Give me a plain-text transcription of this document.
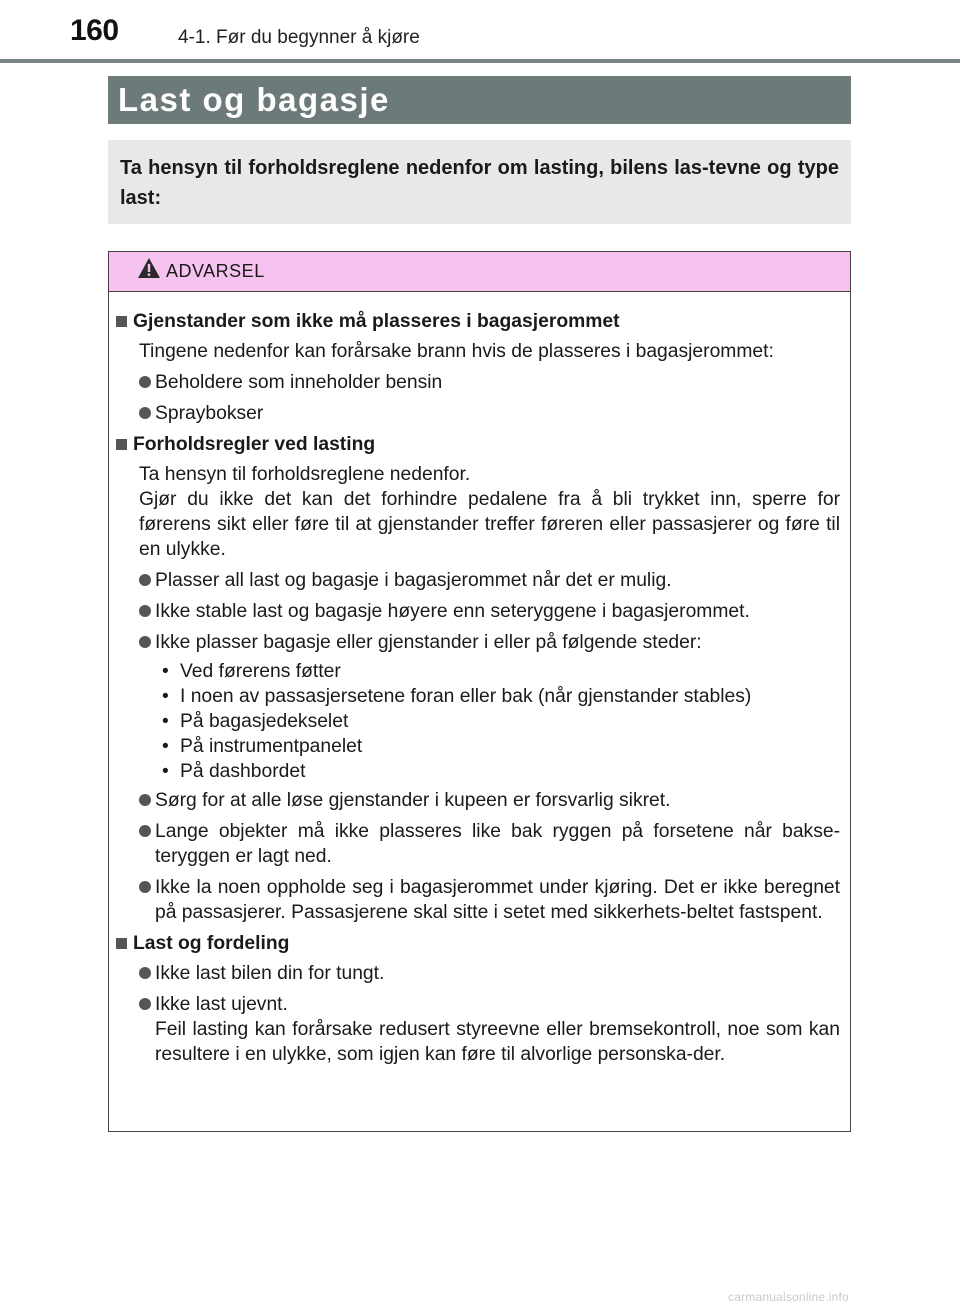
160	4-1. Før du begynner å kjøre
Last og bagasje
Ta hensyn til forholdsreglene nedenfor om lasting, bilens las-tevne og type last:
ADVARSEL
Gjenstander som ikke må plasseres i bagasjerommet
Tingene nedenfor kan forårsake brann hvis de plasseres i bagasjerommet:
Beholdere som inneholder bensin
Spraybokser
Forholdsregler ved lasting
Ta hensyn til forholdsreglene nedenfor.
Gjør du ikke det kan det forhindre pedalene fra å bli trykket inn, sperre for førerens sikt eller føre til at gjenstander treffer føreren eller passasjerer og føre til en ulykke.
Plasser all last og bagasje i bagasjerommet når det er mulig.
Ikke stable last og bagasje høyere enn seteryggene i bagasjerommet.
Ikke plasser bagasje eller gjenstander i eller på følgende steder:
• Ved førerens føtter
• I noen av passasjersetene foran eller bak (når gjenstander stables)
• På bagasjedekselet
• På instrumentpanelet
• På dashbordet
Sørg for at alle løse gjenstander i kupeen er forsvarlig sikret.
Lange objekter må ikke plasseres like bak ryggen på forsetene når bakse-teryggen er lagt ned.
Ikke la noen oppholde seg i bagasjerommet under kjøring. Det er ikke beregnet på passasjerer. Passasjerene skal sitte i setet med sikkerhets-beltet fastspent.
Last og fordeling
Ikke last bilen din for tungt.
Ikke last ujevnt.
Feil lasting kan forårsake redusert styreevne eller bremsekontroll, noe som kan resultere i en ulykke, som igjen kan føre til alvorlige personska-der.
carmanualsonline.info
